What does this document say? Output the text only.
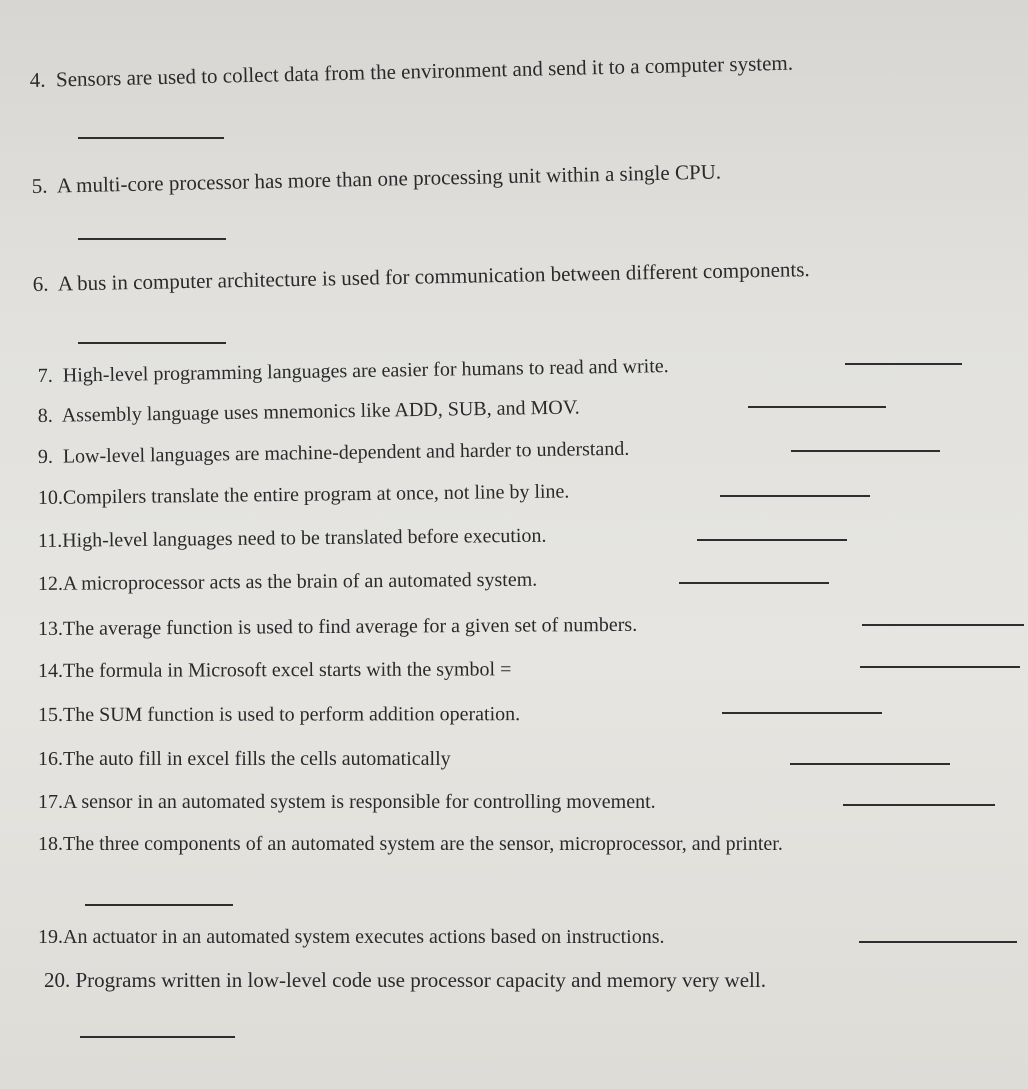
4. Sensors are used to collect data from the environment and send it to a computer system.
5. A multi-core processor has more than one processing unit within a single CPU.
6. A bus in computer architecture is used for communication between different components.
7. High-level programming languages are easier for humans to read and write.
8. Assembly language uses mnemonics like ADD, SUB, and MOV.
9. Low-level languages are machine-dependent and harder to understand.
10.Compilers translate the entire program at once, not line by line.
11.High-level languages need to be translated before execution.
12.A microprocessor acts as the brain of an automated system.
13.The average function is used to find average for a given set of numbers.
14.The formula in Microsoft excel starts with the symbol =
15.The SUM function is used to perform addition operation.
16.The auto fill in excel fills the cells automatically
17.A sensor in an automated system is responsible for controlling movement.
18.The three components of an automated system are the sensor, microprocessor, and printer.
19.An actuator in an automated system executes actions based on instructions.
20. Programs written in low-level code use processor capacity and memory very well.
